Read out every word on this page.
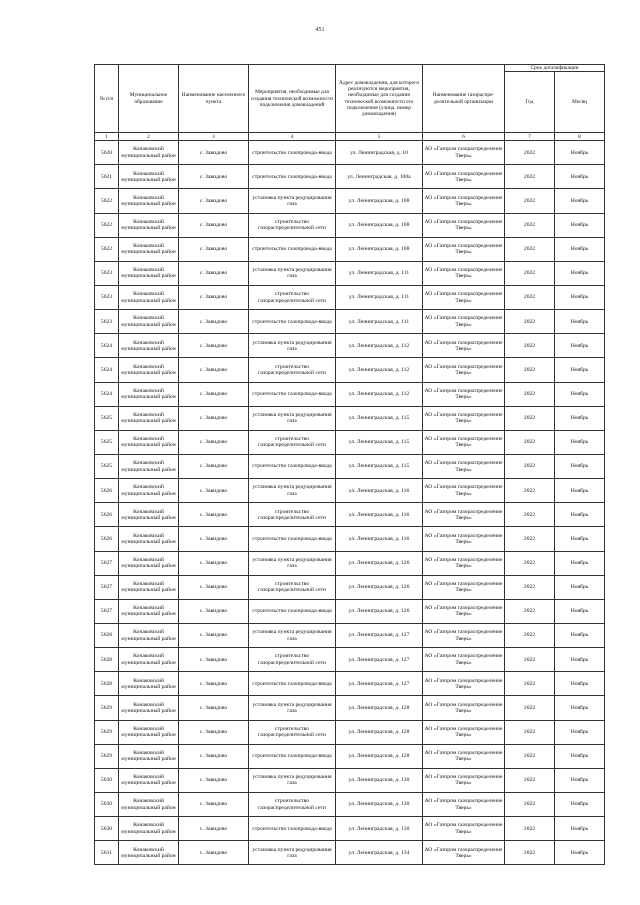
451
№ п/п	Муниципальное образование	Наименование населенного пункта	Мероприятия, необходимые для создания технической возможности подключения домовладений	Адрес домовладения, для которого реализуются мероприятия, необходимые для создания технической возможности его подключения (улица, номер домовладения)	Наименование газораспре-делительной организации	Срок догазификации	
						Год	Месяц
1	2	3	4	5	6	7	8
5620	Конаковский муниципальный район	с. Завидово	строительство газопровода-ввода	ул. Ленинградская, д. 10	АО «Газпром газораспределение Тверь»	2022	Ноябрь
5621	Конаковский муниципальный район	с. Завидово	строительство газопровода-ввода	ул. Ленинградская, д. 100а	АО «Газпром газораспределение Тверь»	2022	Ноябрь
5622	Конаковский муниципальный район	с. Завидово	установка пункта редуцирования газа	ул. Ленинградская, д. 108	АО «Газпром газораспределение Тверь»	2022	Ноябрь
5622	Конаковский муниципальный район	с. Завидово	строительство газораспределительной сети	ул. Ленинградская, д. 108	АО «Газпром газораспределение Тверь»	2022	Ноябрь
5622	Конаковский муниципальный район	с. Завидово	строительство газопровода-ввода	ул. Ленинградская, д. 108	АО «Газпром газораспределение Тверь»	2022	Ноябрь
5623	Конаковский муниципальный район	с. Завидово	установка пункта редуцирования газа	ул. Ленинградская, д. 111	АО «Газпром газораспределение Тверь»	2022	Ноябрь
5623	Конаковский муниципальный район	с. Завидово	строительство газораспределительной сети	ул. Ленинградская, д. 111	АО «Газпром газораспределение Тверь»	2022	Ноябрь
5623	Конаковский муниципальный район	с. Завидово	строительство газопровода-ввода	ул. Ленинградская, д. 111	АО «Газпром газораспределение Тверь»	2022	Ноябрь
5624	Конаковский муниципальный район	с. Завидово	установка пункта редуцирования газа	ул. Ленинградская, д. 112	АО «Газпром газораспределение Тверь»	2022	Ноябрь
5624	Конаковский муниципальный район	с. Завидово	строительство газораспределительной сети	ул. Ленинградская, д. 112	АО «Газпром газораспределение Тверь»	2022	Ноябрь
5624	Конаковский муниципальный район	с. Завидово	строительство газопровода-ввода	ул. Ленинградская, д. 112	АО «Газпром газораспределение Тверь»	2022	Ноябрь
5625	Конаковский муниципальный район	с. Завидово	установка пункта редуцирования газа	ул. Ленинградская, д. 115	АО «Газпром газораспределение Тверь»	2022	Ноябрь
5625	Конаковский муниципальный район	с. Завидово	строительство газораспределительной сети	ул. Ленинградская, д. 115	АО «Газпром газораспределение Тверь»	2022	Ноябрь
5625	Конаковский муниципальный район	с. Завидово	строительство газопровода-ввода	ул. Ленинградская, д. 115	АО «Газпром газораспределение Тверь»	2022	Ноябрь
5626	Конаковский муниципальный район	с. Завидово	установка пункта редуцирования газа	ул. Ленинградская, д. 116	АО «Газпром газораспределение Тверь»	2022	Ноябрь
5626	Конаковский муниципальный район	с. Завидово	строительство газораспределительной сети	ул. Ленинградская, д. 116	АО «Газпром газораспределение Тверь»	2022	Ноябрь
5626	Конаковский муниципальный район	с. Завидово	строительство газопровода-ввода	ул. Ленинградская, д. 116	АО «Газпром газораспределение Тверь»	2022	Ноябрь
5627	Конаковский муниципальный район	с. Завидово	установка пункта редуцирования газа	ул. Ленинградская, д. 126	АО «Газпром газораспределение Тверь»	2022	Ноябрь
5627	Конаковский муниципальный район	с. Завидово	строительство газораспределительной сети	ул. Ленинградская, д. 126	АО «Газпром газораспределение Тверь»	2022	Ноябрь
5627	Конаковский муниципальный район	с. Завидово	строительство газопровода-ввода	ул. Ленинградская, д. 126	АО «Газпром газораспределение Тверь»	2022	Ноябрь
5628	Конаковский муниципальный район	с. Завидово	установка пункта редуцирования газа	ул. Ленинградская, д. 127	АО «Газпром газораспределение Тверь»	2022	Ноябрь
5628	Конаковский муниципальный район	с. Завидово	строительство газораспределительной сети	ул. Ленинградская, д. 127	АО «Газпром газораспределение Тверь»	2022	Ноябрь
5628	Конаковский муниципальный район	с. Завидово	строительство газопровода-ввода	ул. Ленинградская, д. 127	АО «Газпром газораспределение Тверь»	2022	Ноябрь
5629	Конаковский муниципальный район	с. Завидово	установка пункта редуцирования газа	ул. Ленинградская, д. 128	АО «Газпром газораспределение Тверь»	2022	Ноябрь
5629	Конаковский муниципальный район	с. Завидово	строительство газораспределительной сети	ул. Ленинградская, д. 128	АО «Газпром газораспределение Тверь»	2022	Ноябрь
5629	Конаковский муниципальный район	с. Завидово	строительство газопровода-ввода	ул. Ленинградская, д. 128	АО «Газпром газораспределение Тверь»	2022	Ноябрь
5630	Конаковский муниципальный район	с. Завидово	установка пункта редуцирования газа	ул. Ленинградская, д. 130	АО «Газпром газораспределение Тверь»	2022	Ноябрь
5630	Конаковский муниципальный район	с. Завидово	строительство газораспределительной сети	ул. Ленинградская, д. 130	АО «Газпром газораспределение Тверь»	2022	Ноябрь
5630	Конаковский муниципальный район	с. Завидово	строительство газопровода-ввода	ул. Ленинградская, д. 130	АО «Газпром газораспределение Тверь»	2022	Ноябрь
5631	Конаковский муниципальный район	с. Завидово	установка пункта редуцирования газа	ул. Ленинградская, д. 134	АО «Газпром газораспределение Тверь»	2022	Ноябрь
